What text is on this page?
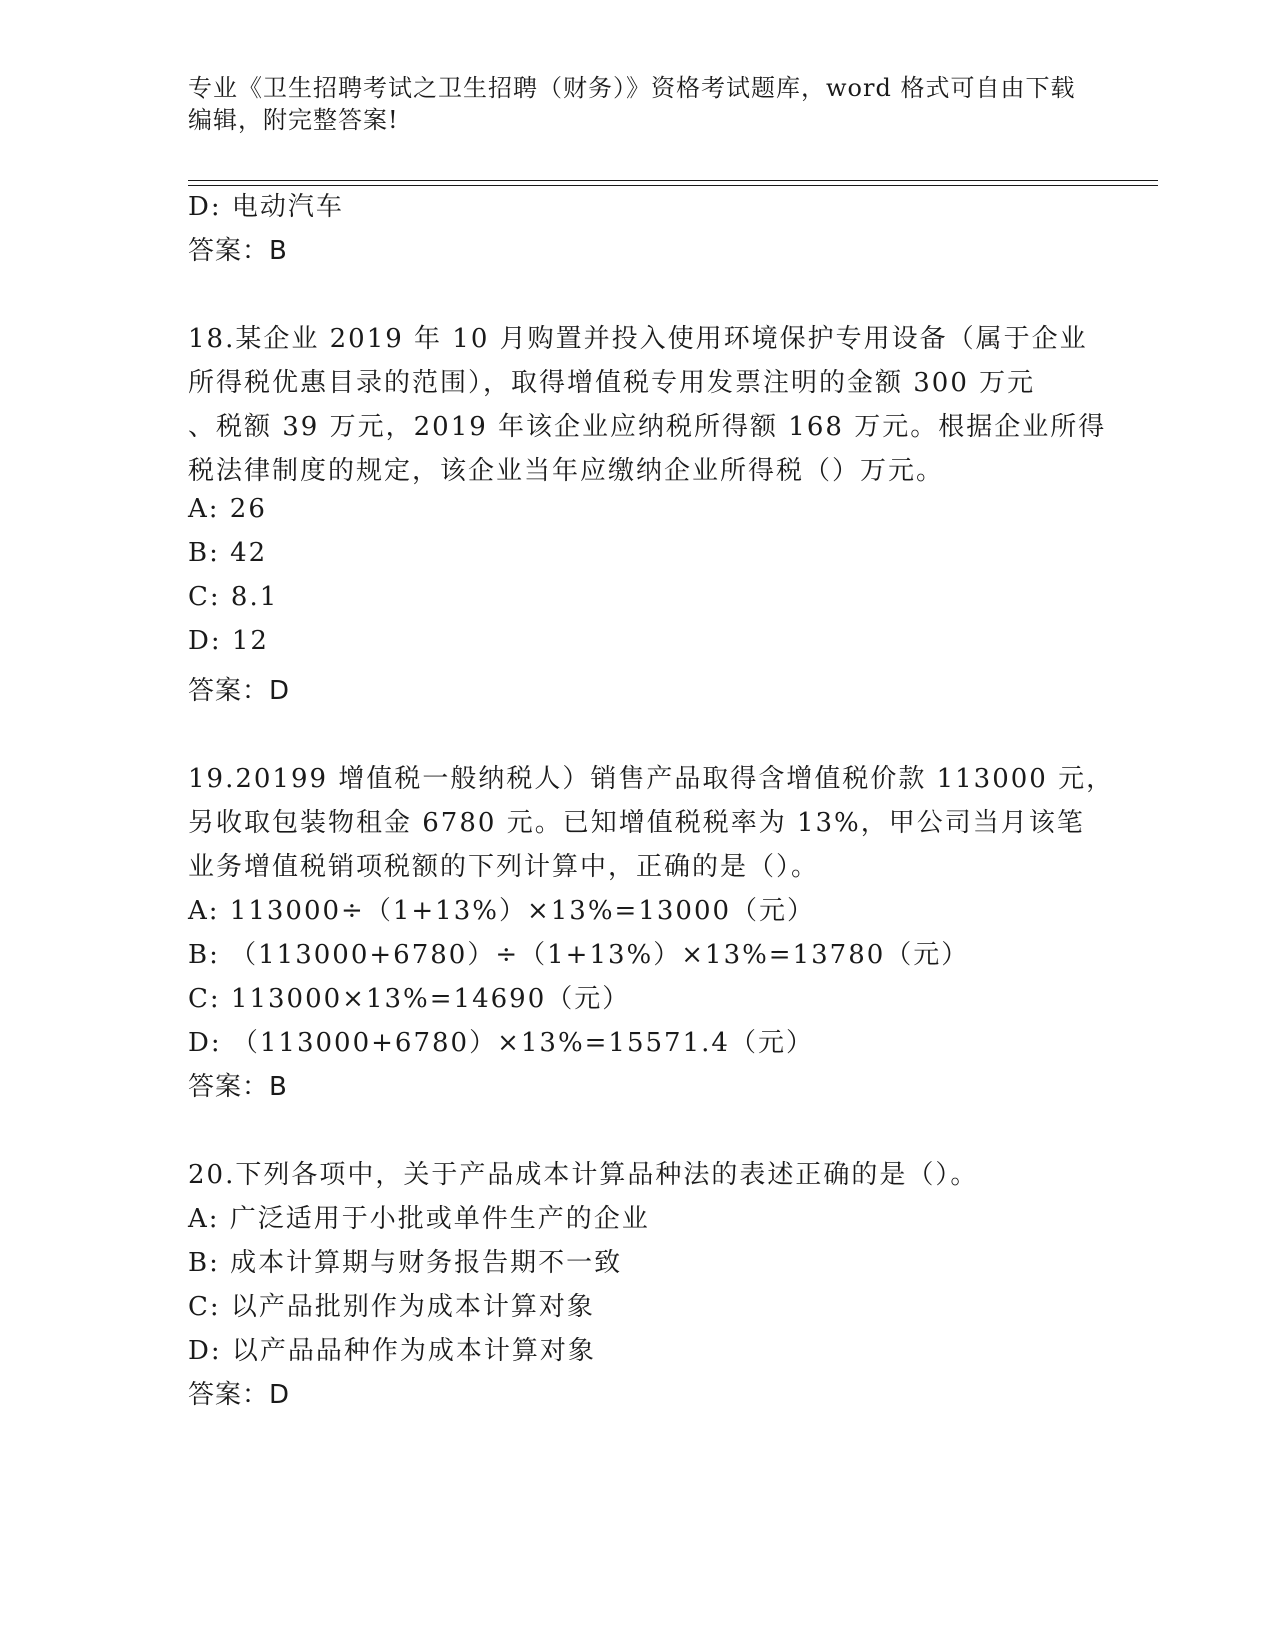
专业《卫生招聘考试之卫生招聘（财务）》资格考试题库，word 格式可自由下载
编辑，附完整答案!
D: 电动汽车
答案：B
18.某企业 2019 年 10 月购置并投入使用环境保护专用设备（属于企业
所得税优惠目录的范围），取得增值税专用发票注明的金额 300 万元
、税额 39 万元，2019 年该企业应纳税所得额 168 万元。根据企业所得
税法律制度的规定，该企业当年应缴纳企业所得税（）万元。
A: 26
B: 42
C: 8.1
D: 12
答案：D
19.20199 增值税一般纳税人）销售产品取得含增值税价款 113000 元，
另收取包装物租金 6780 元。已知增值税税率为 13%，甲公司当月该笔
业务增值税销项税额的下列计算中，正确的是（）。
A: 113000÷（1+13%）×13%=13000（元）
B: （113000+6780）÷（1+13%）×13%=13780（元）
C: 113000×13%=14690（元）
D: （113000+6780）×13%=15571.4（元）
答案：B
20.下列各项中，关于产品成本计算品种法的表述正确的是（）。
A: 广泛适用于小批或单件生产的企业
B: 成本计算期与财务报告期不一致
C: 以产品批别作为成本计算对象
D: 以产品品种作为成本计算对象
答案：D
